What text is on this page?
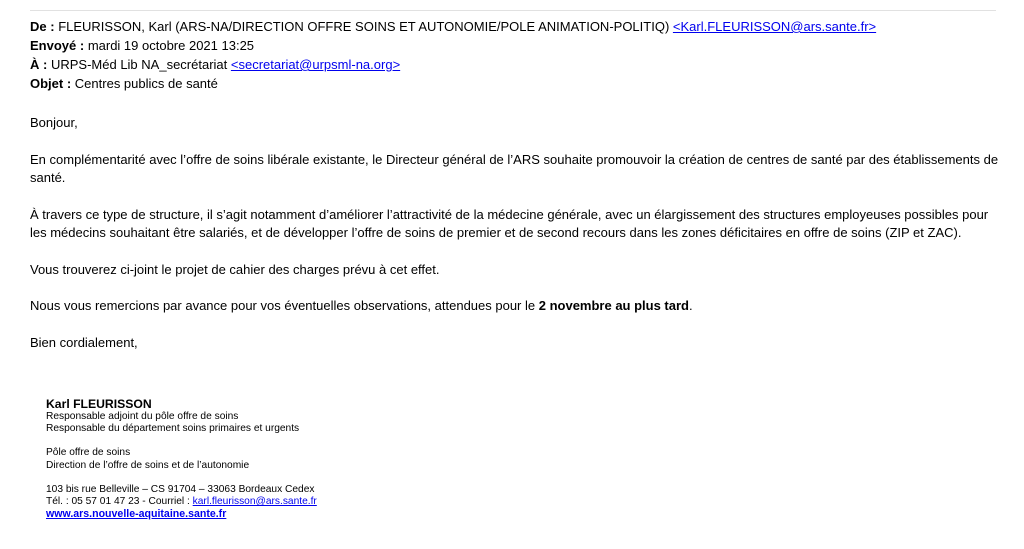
De : FLEURISSON, Karl (ARS-NA/DIRECTION OFFRE SOINS ET AUTONOMIE/POLE ANIMATION-POLITIQ) <Karl.FLEURISSON@ars.sante.fr>
Envoyé : mardi 19 octobre 2021 13:25
À : URPS-Méd Lib NA_secrétariat <secretariat@urpsml-na.org>
Objet : Centres publics de santé

Bonjour,

En complémentarité avec l’offre de soins libérale existante, le Directeur général de l’ARS souhaite promouvoir la création de centres de santé par des établissements de santé.

À travers ce type de structure, il s’agit notamment d’améliorer l’attractivité de la médecine générale, avec un élargissement des structures employeuses possibles pour les médecins souhaitant être salariés, et de développer l’offre de soins de premier et de second recours dans les zones déficitaires en offre de soins (ZIP et ZAC).

Vous trouverez ci-joint le projet de cahier des charges prévu à cet effet.

Nous vous remercions par avance pour vos éventuelles observations, attendues pour le 2 novembre au plus tard.

Bien cordialement,

Karl FLEURISSON
Responsable adjoint du pôle offre de soins
Responsable du département soins primaires et urgents
Pôle offre de soins
Direction de l’offre de soins et de l’autonomie
103 bis rue Belleville – CS 91704 – 33063 Bordeaux Cedex
Tél. : 05 57 01 47 23 - Courriel : karl.fleurisson@ars.sante.fr
www.ars.nouvelle-aquitaine.sante.fr
